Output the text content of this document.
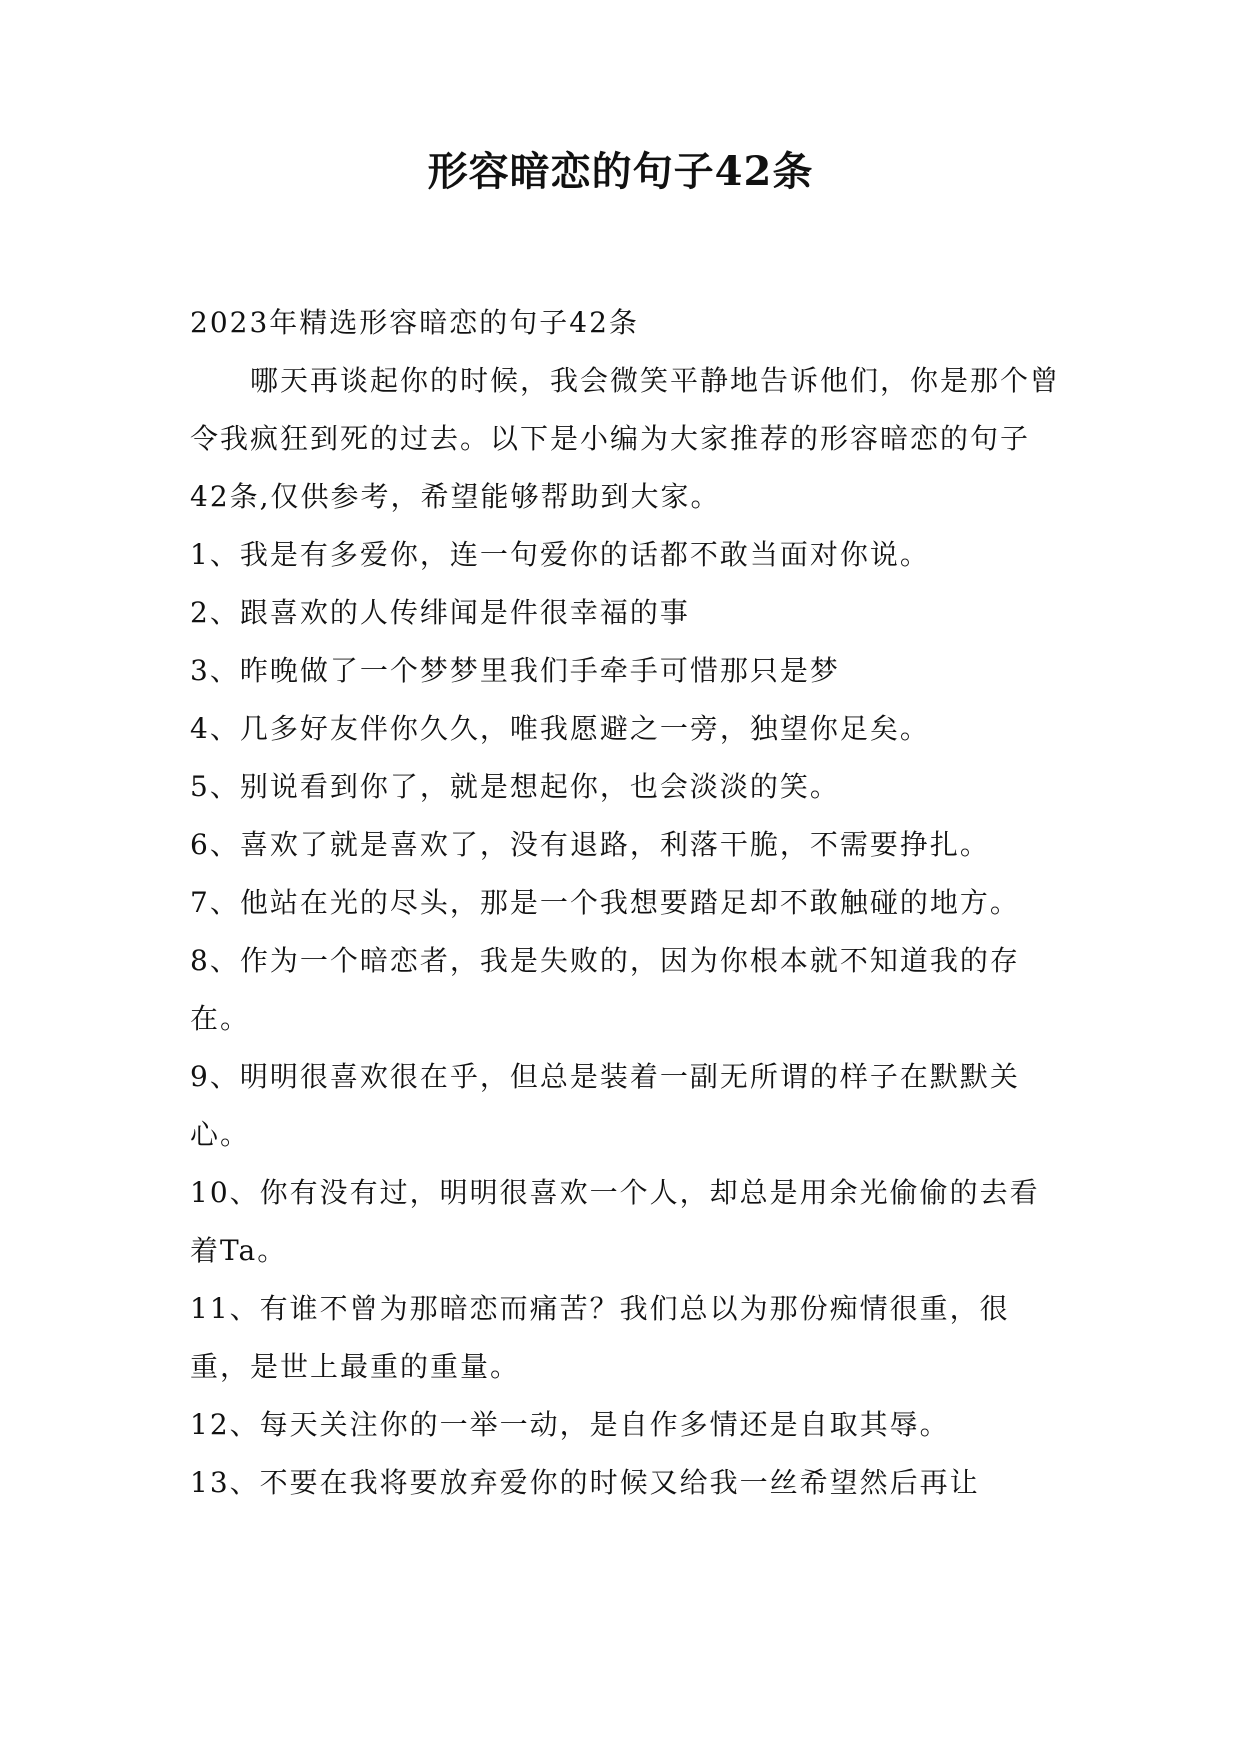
形容暗恋的句子42条

2023年精选形容暗恋的句子42条

哪天再谈起你的时候，我会微笑平静地告诉他们，你是那个曾令我疯狂到死的过去。以下是小编为大家推荐的形容暗恋的句子42条,仅供参考，希望能够帮助到大家。

1、我是有多爱你，连一句爱你的话都不敢当面对你说。

2、跟喜欢的人传绯闻是件很幸福的事

3、昨晚做了一个梦梦里我们手牵手可惜那只是梦

4、几多好友伴你久久，唯我愿避之一旁，独望你足矣。

5、别说看到你了，就是想起你，也会淡淡的笑。

6、喜欢了就是喜欢了，没有退路，利落干脆，不需要挣扎。

7、他站在光的尽头，那是一个我想要踏足却不敢触碰的地方。

8、作为一个暗恋者，我是失败的，因为你根本就不知道我的存在。

9、明明很喜欢很在乎，但总是装着一副无所谓的样子在默默关心。

10、你有没有过，明明很喜欢一个人，却总是用余光偷偷的去看着Ta。

11、有谁不曾为那暗恋而痛苦？我们总以为那份痴情很重，很重，是世上最重的重量。

12、每天关注你的一举一动，是自作多情还是自取其辱。

13、不要在我将要放弃爱你的时候又给我一丝希望然后再让
